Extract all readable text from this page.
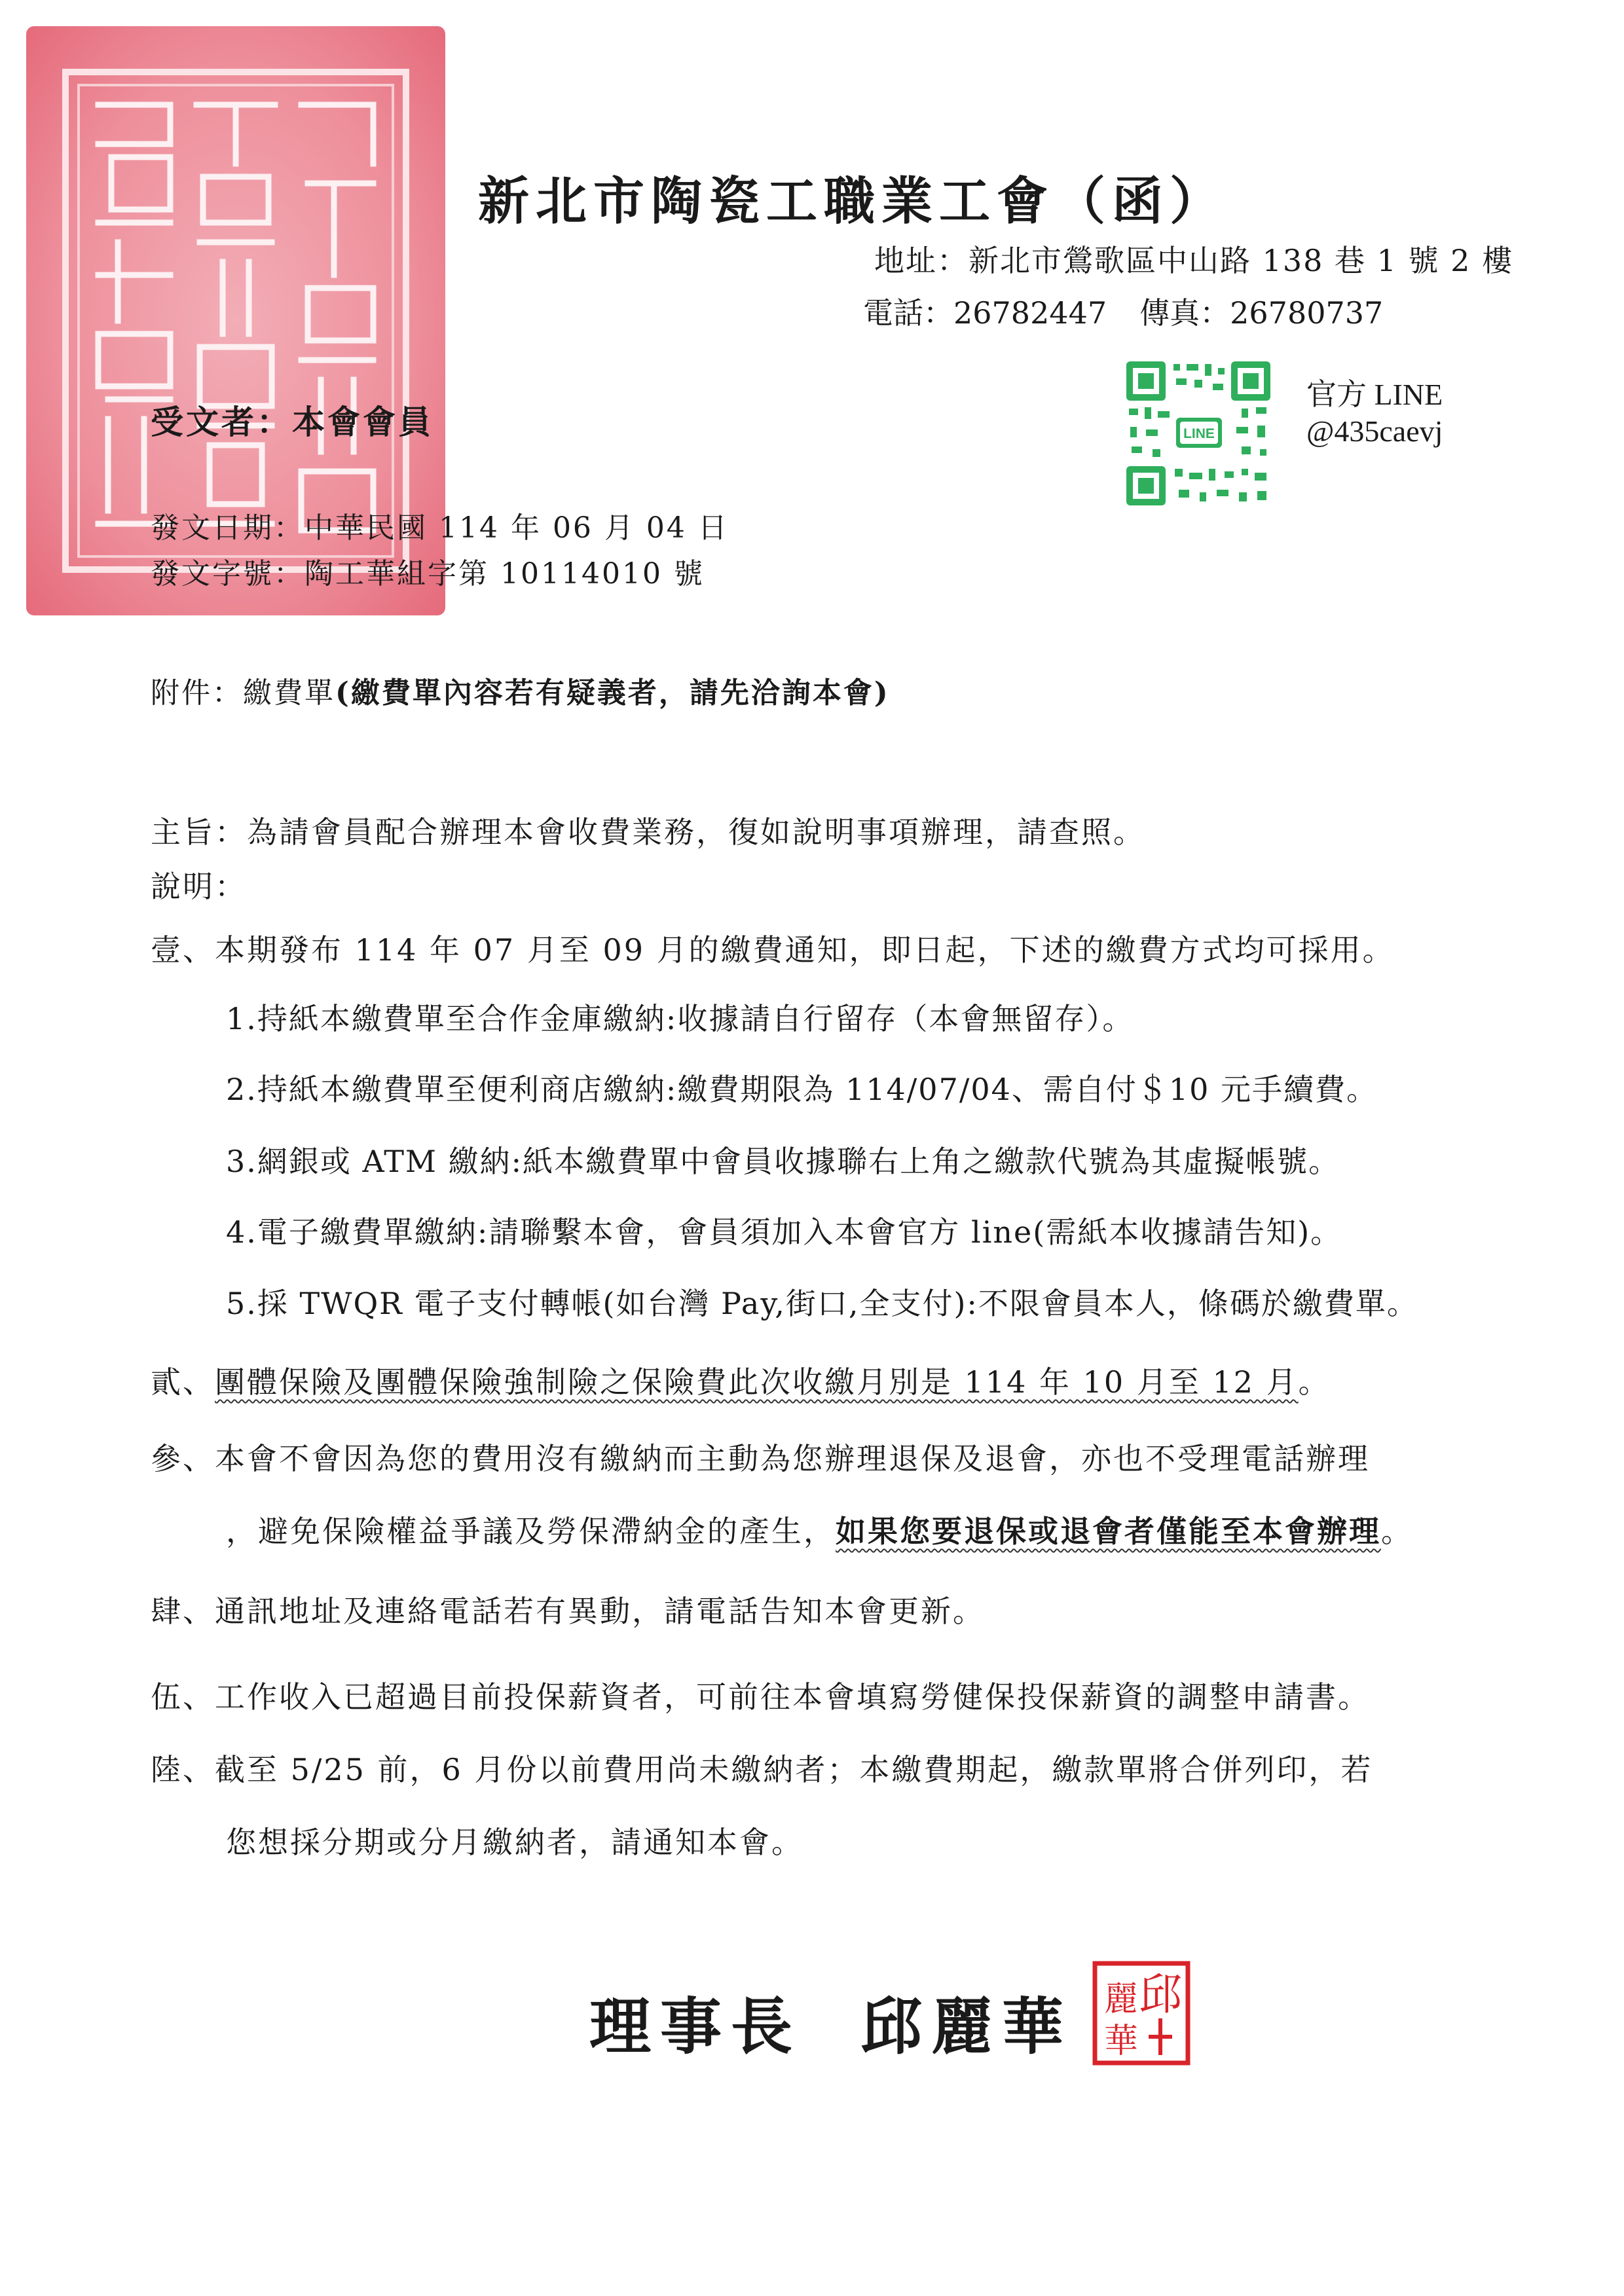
新北市陶瓷工職業工會（函）
地址：新北市鶯歌區中山路 138 巷 1 號 2 樓
電話：26782447 傳真：26780737
LINE
官方 LINE
@435caevj
受文者：本會會員
發文日期：中華民國 114 年 06 月 04 日
發文字號：陶工華組字第 10114010 號
附件：繳費單(繳費單內容若有疑義者，請先洽詢本會)
主旨：為請會員配合辦理本會收費業務，復如說明事項辦理，請查照。
說明：
壹、本期發布 114 年 07 月至 09 月的繳費通知，即日起，下述的繳費方式均可採用。
1.持紙本繳費單至合作金庫繳納:收據請自行留存（本會無留存）。
2.持紙本繳費單至便利商店繳納:繳費期限為 114/07/04、需自付＄10 元手續費。
3.網銀或 ATM 繳納:紙本繳費單中會員收據聯右上角之繳款代號為其虛擬帳號。
4.電子繳費單繳納:請聯繫本會，會員須加入本會官方 line(需紙本收據請告知)。
5.採 TWQR 電子支付轉帳(如台灣 Pay,街口,全支付):不限會員本人，條碼於繳費單。
貳、團體保險及團體保險強制險之保險費此次收繳月別是 114 年 10 月至 12 月。
參、本會不會因為您的費用沒有繳納而主動為您辦理退保及退會，亦也不受理電話辦理
，避免保險權益爭議及勞保滯納金的產生，如果您要退保或退會者僅能至本會辦理。
肆、通訊地址及連絡電話若有異動，請電話告知本會更新。
伍、工作收入已超過目前投保薪資者，可前往本會填寫勞健保投保薪資的調整申請書。
陸、截至 5/25 前，6 月份以前費用尚未繳納者；本繳費期起，繳款單將合併列印，若
您想採分期或分月繳納者，請通知本會。
理事長 邱麗華 邱
麗
華
